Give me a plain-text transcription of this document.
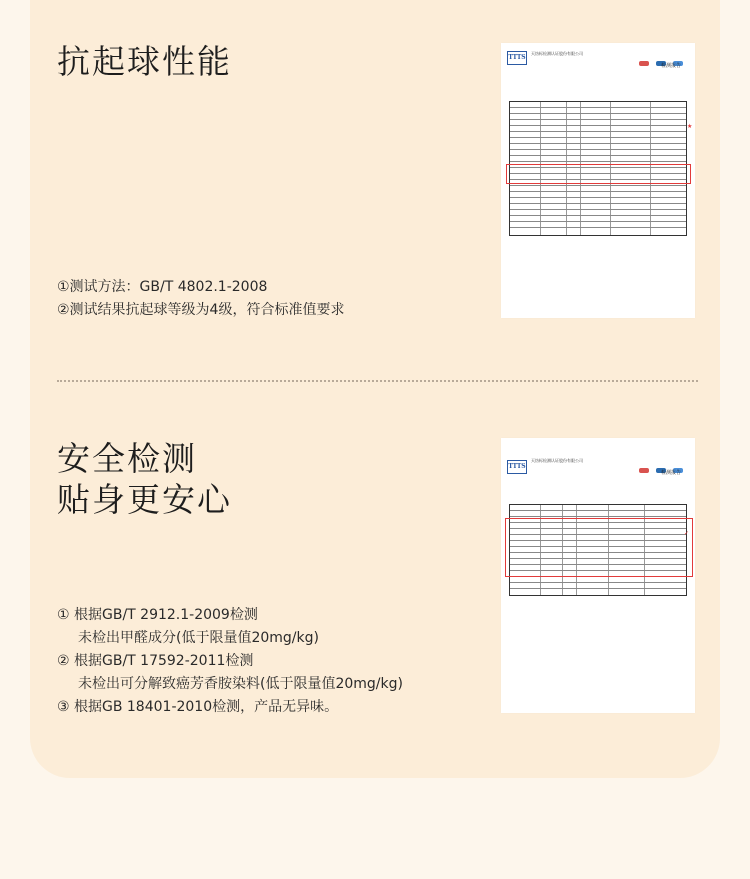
抗起球性能

①测试方法：GB/T 4802.1-2008

②测试结果抗起球等级为4级，符合标准值要求

TTTS
天纺标检测认证股份有限公司

检测报告
★
安全检测
贴身更安心

① 根据GB/T 2912.1-2009检测

未检出甲醛成分(低于限量值20mg/kg)

② 根据GB/T 17592-2011检测

未检出可分解致癌芳香胺染料(低于限量值20mg/kg)

③ 根据GB 18401-2010检测，产品无异味。

TTTS
天纺标检测认证股份有限公司

检测报告
✓
